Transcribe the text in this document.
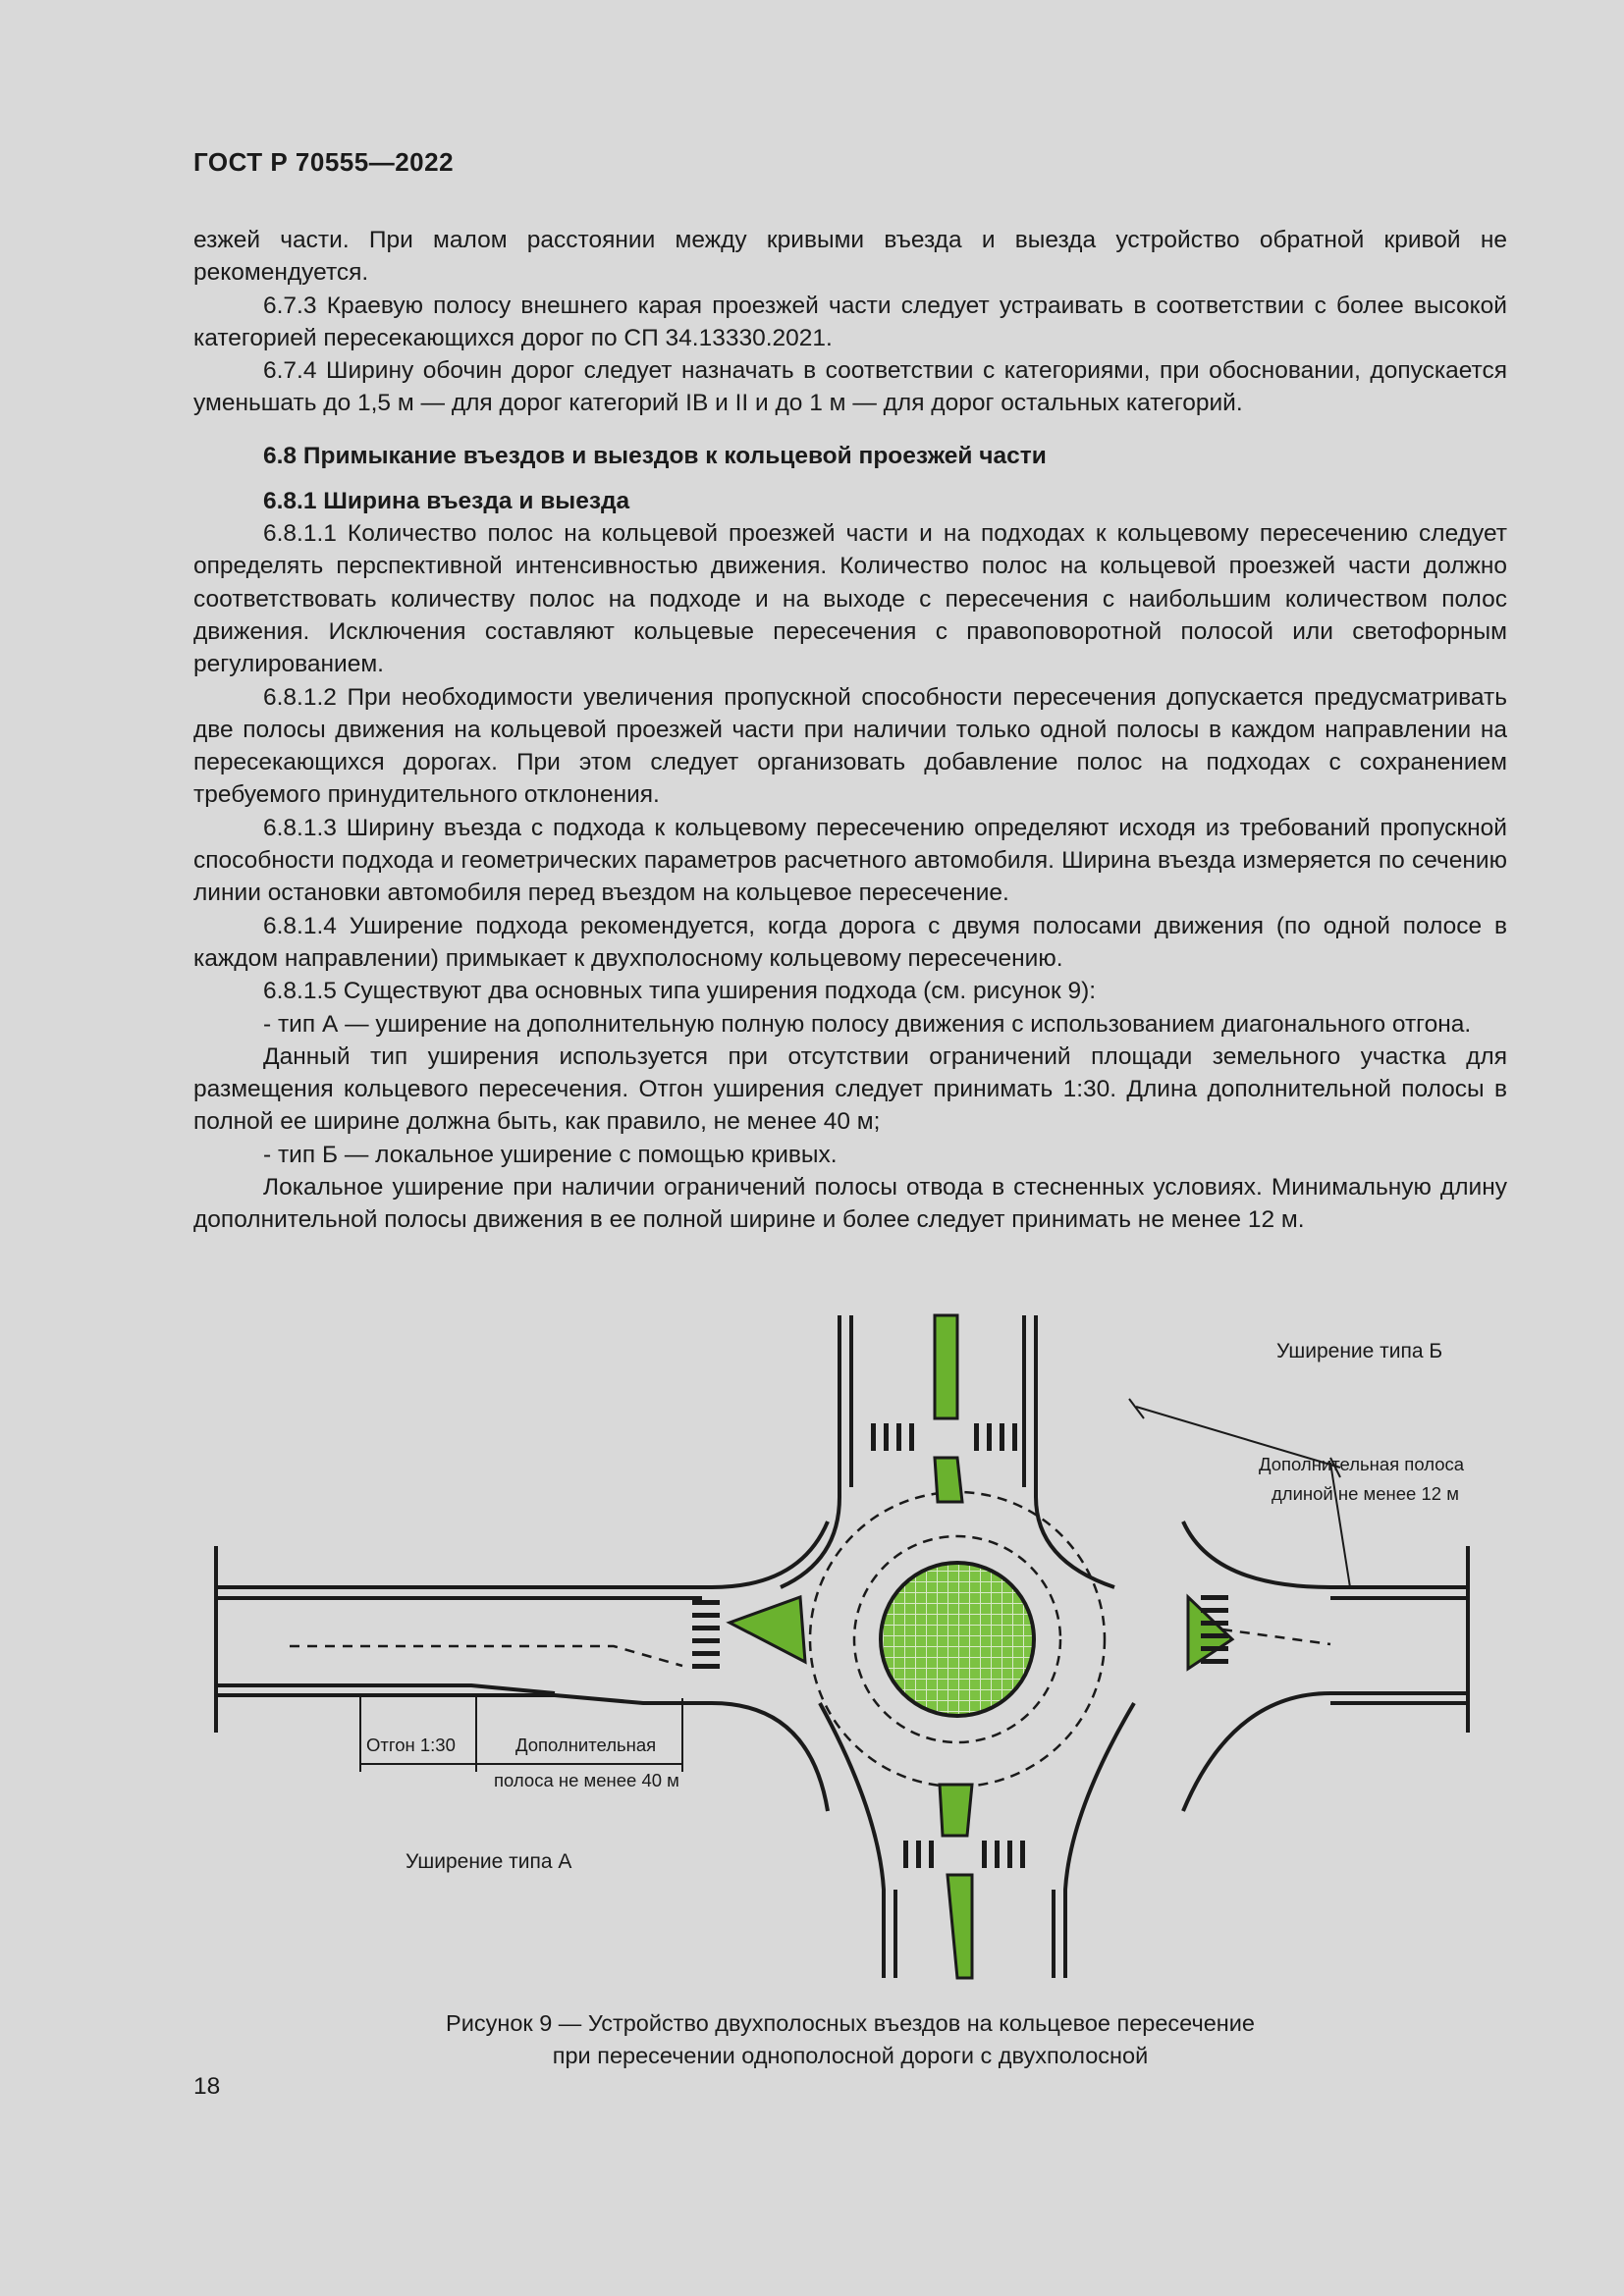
ГОСТ Р 70555—2022

езжей части. При малом расстоянии между кривыми въезда и выезда устройство обратной кривой не рекомендуется.

6.7.3 Краевую полосу внешнего карая проезжей части следует устраивать в соответствии с более высокой категорией пересекающихся дорог по СП 34.13330.2021.

6.7.4 Ширину обочин дорог следует назначать в соответствии с категориями, при обосновании, допускается уменьшать до 1,5 м — для дорог категорий IB и II и до 1 м — для дорог остальных категорий.

6.8 Примыкание въездов и выездов к кольцевой проезжей части
6.8.1 Ширина въезда и выезда

6.8.1.1 Количество полос на кольцевой проезжей части и на подходах к кольцевому пересечению следует определять перспективной интенсивностью движения. Количество полос на кольцевой проезжей части должно соответствовать количеству полос на подходе и на выходе с пересечения с наибольшим количеством полос движения. Исключения составляют кольцевые пересечения с правоповоротной полосой или светофорным регулированием.

6.8.1.2 При необходимости увеличения пропускной способности пересечения допускается предусматривать две полосы движения на кольцевой проезжей части при наличии только одной полосы в каждом направлении на пересекающихся дорогах. При этом следует организовать добавление полос на подходах с сохранением требуемого принудительного отклонения.

6.8.1.3 Ширину въезда с подхода к кольцевому пересечению определяют исходя из требований пропускной способности подхода и геометрических параметров расчетного автомобиля. Ширина въезда измеряется по сечению линии остановки автомобиля перед въездом на кольцевое пересечение.

6.8.1.4 Уширение подхода рекомендуется, когда дорога с двумя полосами движения (по одной полосе в каждом направлении) примыкает к двухполосному кольцевому пересечению.

6.8.1.5 Существуют два основных типа уширения подхода (см. рисунок 9):

- тип А — уширение на дополнительную полную полосу движения с использованием диагонального отгона.

Данный тип уширения используется при отсутствии ограничений площади земельного участка для размещения кольцевого пересечения. Отгон уширения следует принимать 1:30. Длина дополнительной полосы в полной ее ширине должна быть, как правило, не менее 40 м;

- тип Б — локальное уширение с помощью кривых.

Локальное уширение при наличии ограничений полосы отвода в стесненных условиях. Минимальную длину дополнительной полосы движения в ее полной ширине и более следует принимать не менее 12 м.

Уширение типа Б
Дополнительная полоса
длиной не менее 12 м
Отгон 1:30	Дополнительная
полоса не менее 40 м
Уширение типа А
Рисунок 9 — Устройство двухполосных въездов на кольцевое пересечение
при пересечении однополосной дороги с двухполосной
18
